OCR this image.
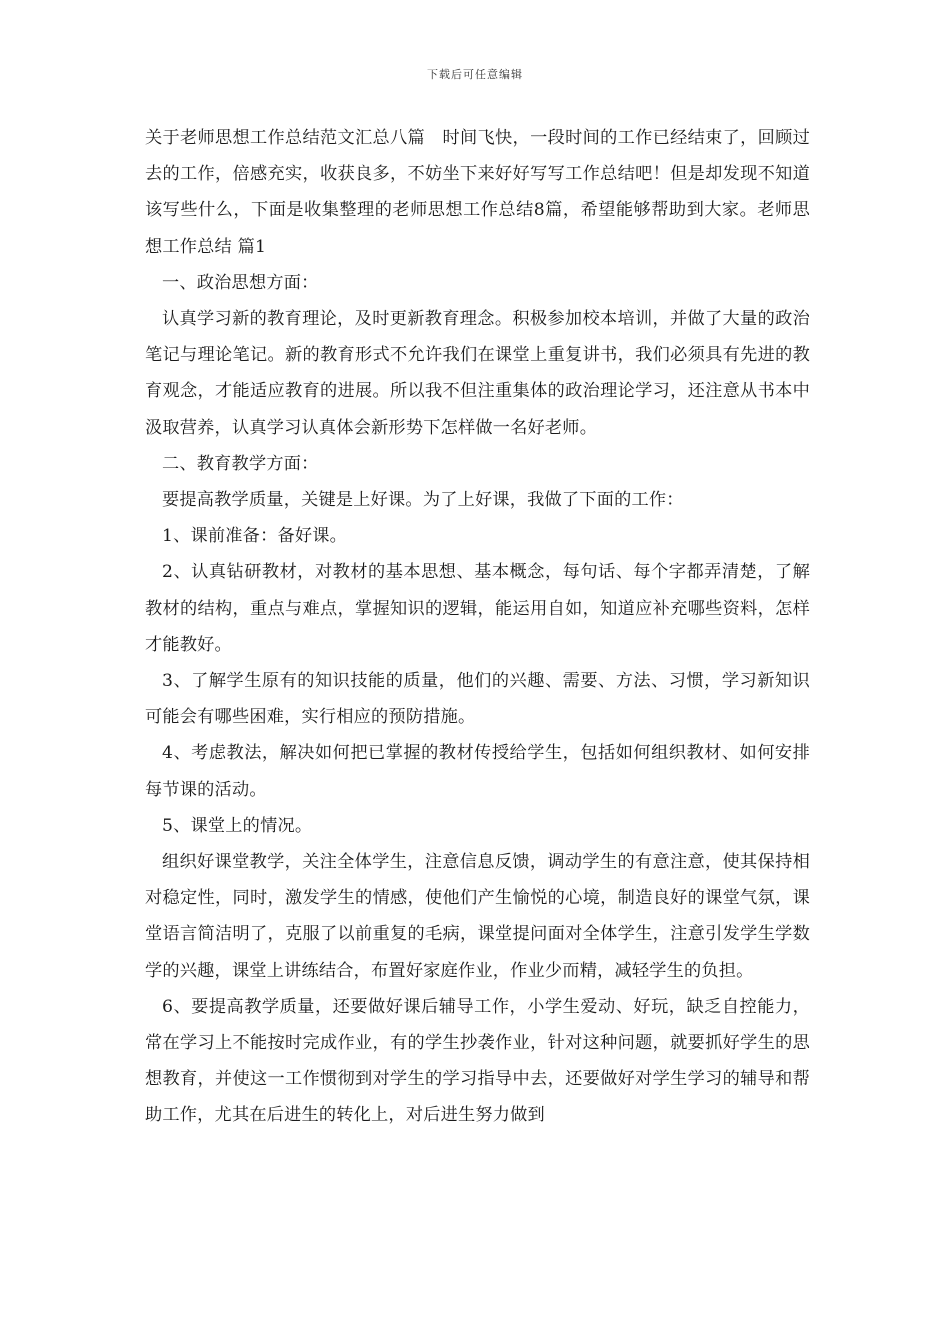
下载后可任意编辑

关于老师思想工作总结范文汇总八篇　时间飞快，一段时间的工作已经结束了，回顾过去的工作，倍感充实，收获良多，不妨坐下来好好写写工作总结吧！但是却发现不知道该写些什么，下面是收集整理的老师思想工作总结8篇，希望能够帮助到大家。老师思想工作总结 篇1

一、政治思想方面：

认真学习新的教育理论，及时更新教育理念。积极参加校本培训，并做了大量的政治笔记与理论笔记。新的教育形式不允许我们在课堂上重复讲书，我们必须具有先进的教育观念，才能适应教育的进展。所以我不但注重集体的政治理论学习，还注意从书本中汲取营养，认真学习认真体会新形势下怎样做一名好老师。

二、教育教学方面：

要提高教学质量，关键是上好课。为了上好课，我做了下面的工作：

1、课前准备：备好课。

2、认真钻研教材，对教材的基本思想、基本概念，每句话、每个字都弄清楚，了解教材的结构，重点与难点，掌握知识的逻辑，能运用自如，知道应补充哪些资料，怎样才能教好。

3、了解学生原有的知识技能的质量，他们的兴趣、需要、方法、习惯，学习新知识可能会有哪些困难，实行相应的预防措施。

4、考虑教法，解决如何把已掌握的教材传授给学生，包括如何组织教材、如何安排每节课的活动。

5、课堂上的情况。

组织好课堂教学，关注全体学生，注意信息反馈，调动学生的有意注意，使其保持相对稳定性，同时，激发学生的情感，使他们产生愉悦的心境，制造良好的课堂气氛，课堂语言简洁明了，克服了以前重复的毛病，课堂提问面对全体学生，注意引发学生学数学的兴趣，课堂上讲练结合，布置好家庭作业，作业少而精，减轻学生的负担。

6、要提高教学质量，还要做好课后辅导工作，小学生爱动、好玩，缺乏自控能力，常在学习上不能按时完成作业，有的学生抄袭作业，针对这种问题，就要抓好学生的思想教育，并使这一工作惯彻到对学生的学习指导中去，还要做好对学生学习的辅导和帮助工作，尤其在后进生的转化上，对后进生努力做到
